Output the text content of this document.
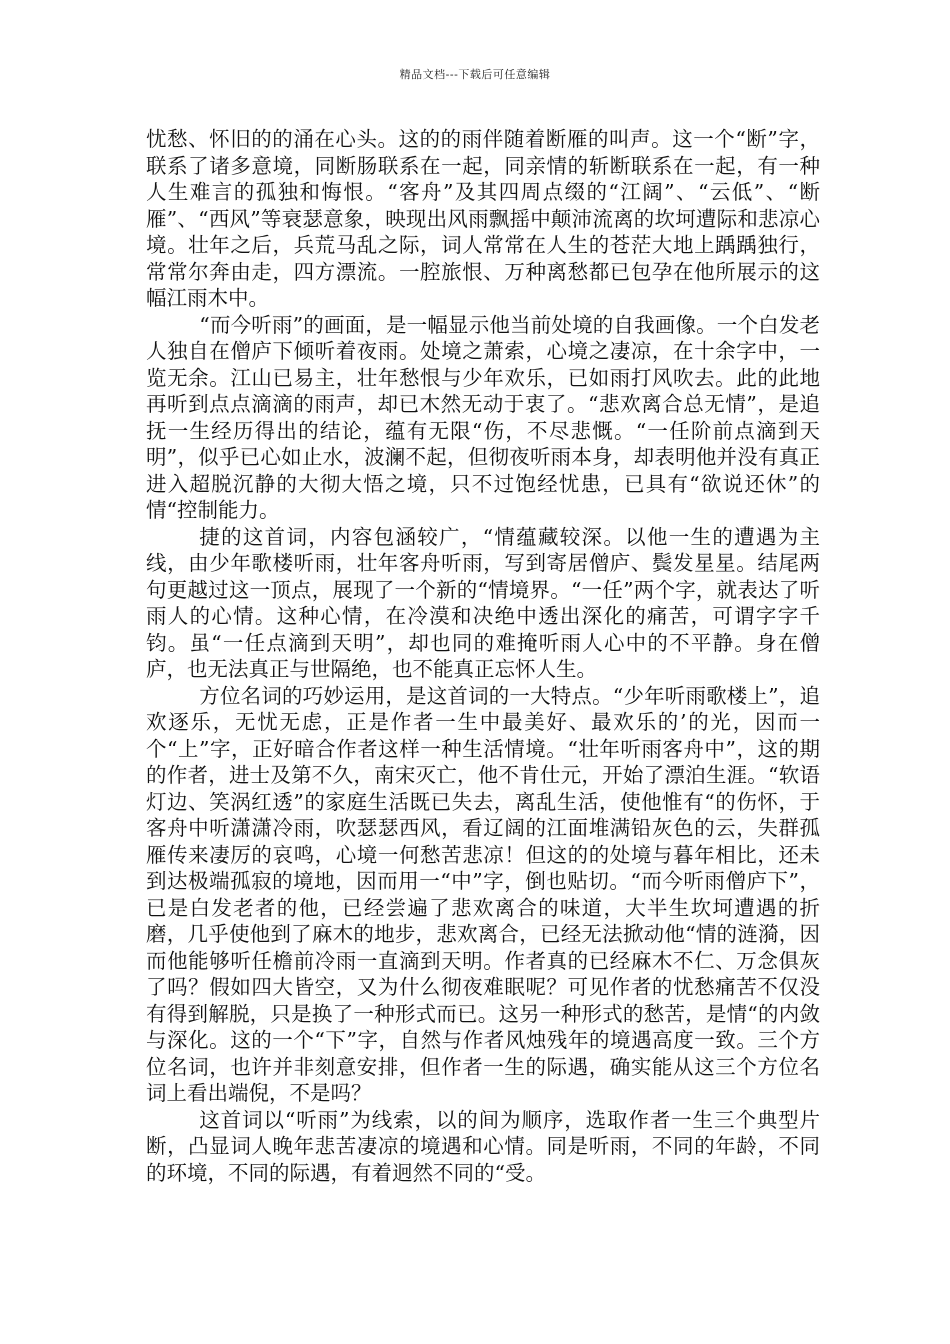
精品文档---下载后可任意编辑

忧愁、怀旧的的涌在心头。这的的雨伴随着断雁的叫声。这一个“断”字，联系了诸多意境，同断肠联系在一起，同亲情的斩断联系在一起，有一种人生难言的孤独和悔恨。“客舟”及其四周点缀的“江阔”、“云低”、“断雁”、“西风”等衰瑟意象，映现出风雨飘摇中颠沛流离的坎坷遭际和悲凉心境。壮年之后，兵荒马乱之际，词人常常在人生的苍茫大地上踽踽独行，常常尔奔由走，四方漂流。一腔旅恨、万种离愁都已包孕在他所展示的这幅江雨木中。

“而今听雨”的画面，是一幅显示他当前处境的自我画像。一个白发老人独自在僧庐下倾听着夜雨。处境之萧索，心境之凄凉，在十余字中，一览无余。江山已易主，壮年愁恨与少年欢乐，已如雨打风吹去。此的此地再听到点点滴滴的雨声，却已木然无动于衷了。“悲欢离合总无情”，是追抚一生经历得出的结论，蕴有无限“伤，不尽悲慨。“一任阶前点滴到天明”，似乎已心如止水，波澜不起，但彻夜听雨本身，却表明他并没有真正进入超脱沉静的大彻大悟之境，只不过饱经忧患，已具有“欲说还休”的情“控制能力。

捷的这首词，内容包涵较广，“情蕴藏较深。以他一生的遭遇为主线，由少年歌楼听雨，壮年客舟听雨，写到寄居僧庐、鬓发星星。结尾两句更越过这一顶点，展现了一个新的“情境界。“一任”两个字，就表达了听雨人的心情。这种心情，在冷漠和决绝中透出深化的痛苦，可谓字字千钧。虽“一任点滴到天明”，却也同的难掩听雨人心中的不平静。身在僧庐，也无法真正与世隔绝，也不能真正忘怀人生。

方位名词的巧妙运用，是这首词的一大特点。“少年听雨歌楼上”，追欢逐乐，无忧无虑，正是作者一生中最美好、最欢乐的’的光，因而一个“上”字，正好暗合作者这样一种生活情境。“壮年听雨客舟中”，这的期的作者，进士及第不久，南宋灭亡，他不肯仕元，开始了漂泊生涯。“软语灯边、笑涡红透”的家庭生活既已失去，离乱生活，使他惟有“的伤怀，于客舟中听潇潇冷雨，吹瑟瑟西风，看辽阔的江面堆满铅灰色的云，失群孤雁传来凄厉的哀鸣，心境一何愁苦悲凉！但这的的处境与暮年相比，还未到达极端孤寂的境地，因而用一“中”字，倒也贴切。“而今听雨僧庐下”，已是白发老者的他，已经尝遍了悲欢离合的味道，大半生坎坷遭遇的折磨，几乎使他到了麻木的地步，悲欢离合，已经无法掀动他“情的涟漪，因而他能够听任檐前冷雨一直滴到天明。作者真的已经麻木不仁、万念俱灰了吗？假如四大皆空，又为什么彻夜难眠呢？可见作者的忧愁痛苦不仅没有得到解脱，只是换了一种形式而已。这另一种形式的愁苦，是情“的内敛与深化。这的一个“下”字，自然与作者风烛残年的境遇高度一致。三个方位名词，也许并非刻意安排，但作者一生的际遇，确实能从这三个方位名词上看出端倪，不是吗？

这首词以“听雨”为线索，以的间为顺序，选取作者一生三个典型片断，凸显词人晚年悲苦凄凉的境遇和心情。同是听雨，不同的年龄，不同的环境，不同的际遇，有着迥然不同的“受。
